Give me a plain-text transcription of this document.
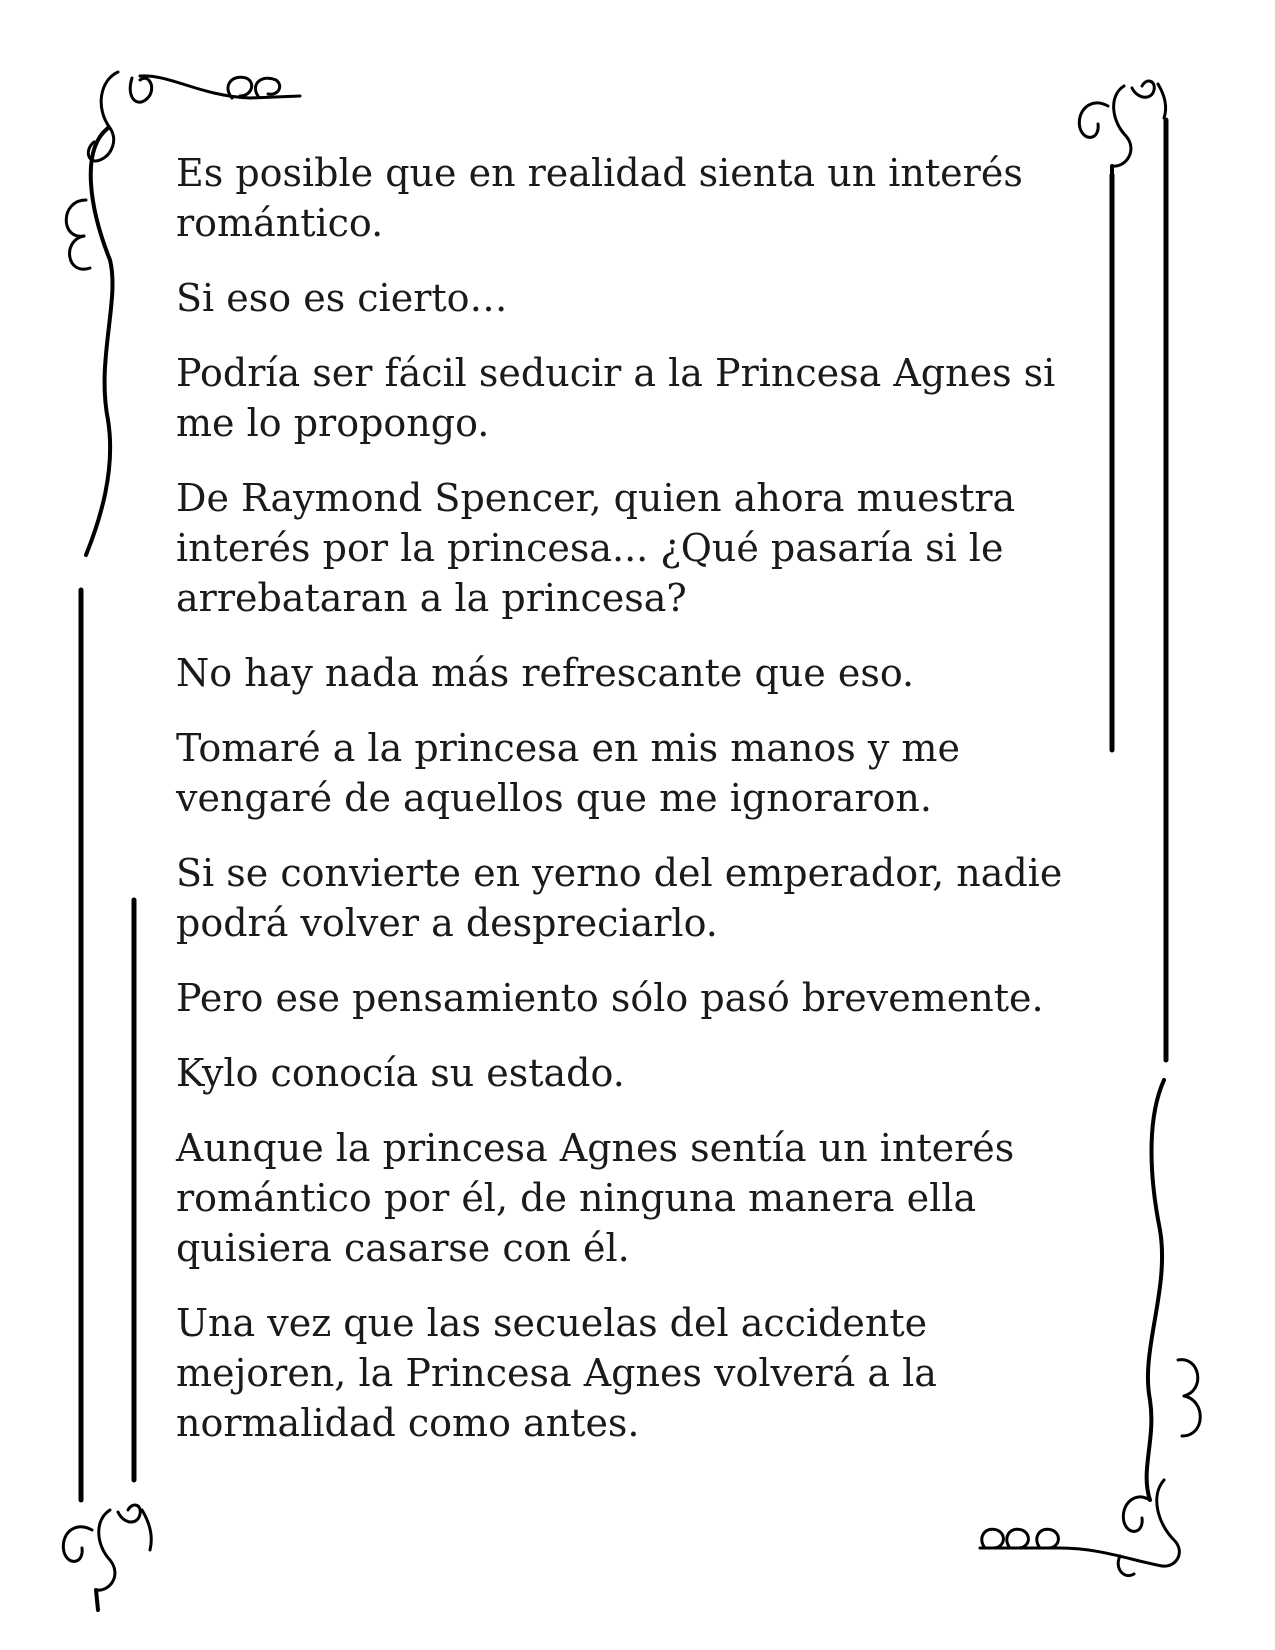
Es posible que en realidad sienta un interés romántico.

Si eso es cierto…

Podría ser fácil seducir a la Princesa Agnes si me lo propongo.

De Raymond Spencer, quien ahora muestra interés por la princesa... ¿Qué pasaría si le arrebataran a la princesa?

No hay nada más refrescante que eso.

Tomaré a la princesa en mis manos y me vengaré de aquellos que me ignoraron.

Si se convierte en yerno del emperador, nadie podrá volver a despreciarlo.

Pero ese pensamiento sólo pasó brevemente.

Kylo conocía su estado.

Aunque la princesa Agnes sentía un interés romántico por él, de ninguna manera ella quisiera casarse con él.

Una vez que las secuelas del accidente mejoren, la Princesa Agnes volverá a la normalidad como antes.
